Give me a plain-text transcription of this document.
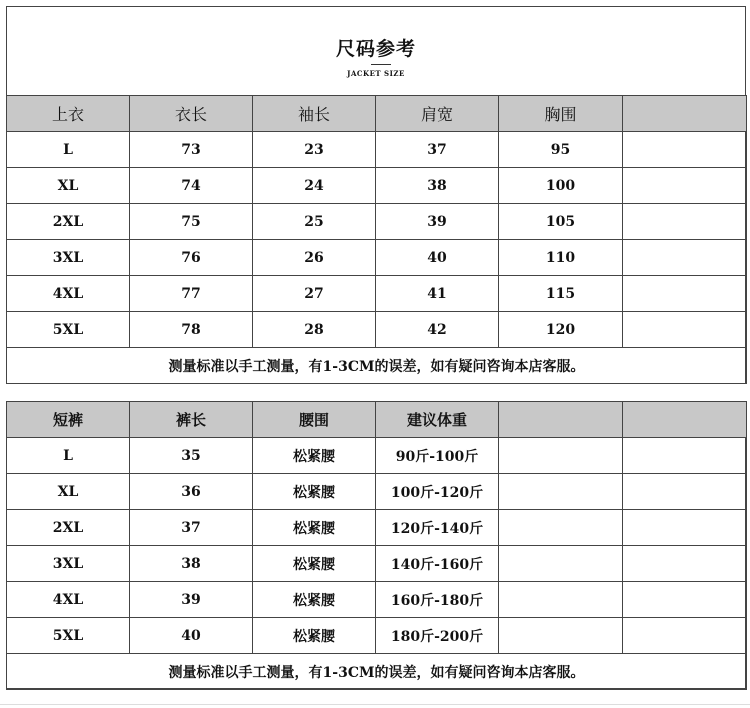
尺码参考
JACKET SIZE
上衣	衣长	袖长	肩宽	胸围	
L	73	23	37	95	
XL	74	24	38	100	
2XL	75	25	39	105	
3XL	76	26	40	110	
4XL	77	27	41	115	
5XL	78	28	42	120	
测量标准以手工测量，有1-3CM的误差，如有疑问咨询本店客服。					
短裤	裤长	腰围	建议体重		
L	35	松紧腰	90斤-100斤		
XL	36	松紧腰	100斤-120斤		
2XL	37	松紧腰	120斤-140斤		
3XL	38	松紧腰	140斤-160斤		
4XL	39	松紧腰	160斤-180斤		
5XL	40	松紧腰	180斤-200斤		
测量标准以手工测量，有1-3CM的误差，如有疑问咨询本店客服。					
